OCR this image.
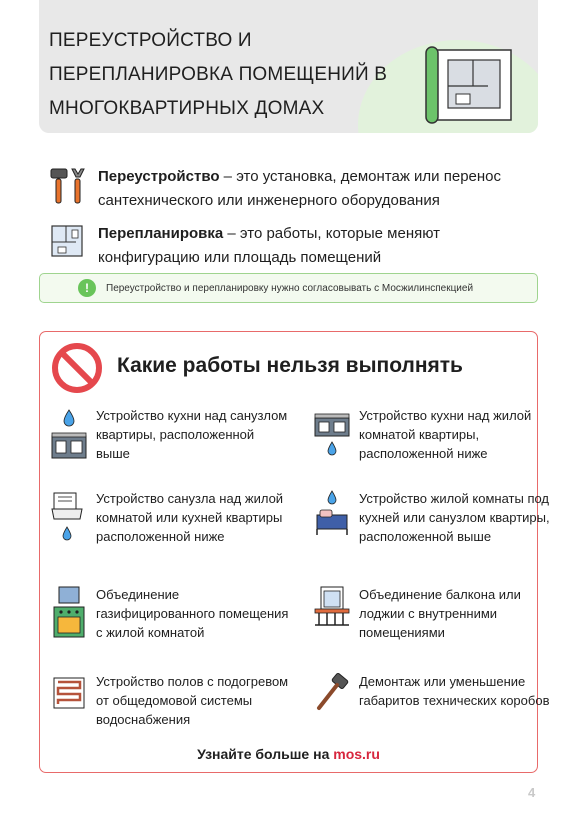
ПЕРЕУСТРОЙСТВО И ПЕРЕПЛАНИРОВКА ПОМЕЩЕНИЙ В МНОГОКВАРТИРНЫХ ДОМАХ
Переустройство – это установка, демонтаж или перенос сантехнического или инженерного оборудования
Перепланировка – это работы, которые меняют конфигурацию или площадь помещений
!	Переустройство и перепланировку нужно согласовывать с Мосжилинспекцией
Какие работы нельзя выполнять
Устройство кухни над санузлом квартиры, расположенной выше
Устройство санузла над жилой комнатой или кухней квартиры расположенной ниже
Объединение газифицированного помещения с жилой комнатой
Устройство полов с подогревом от общедомовой системы водоснабжения
Устройство кухни над жилой комнатой квартиры, расположенной ниже
Устройство жилой комнаты под кухней или санузлом квартиры, расположенной выше
Объединение балкона или лоджии с внутренними помещениями
Демонтаж или уменьшение габаритов технических коробов
Узнайте больше на mos.ru
4
